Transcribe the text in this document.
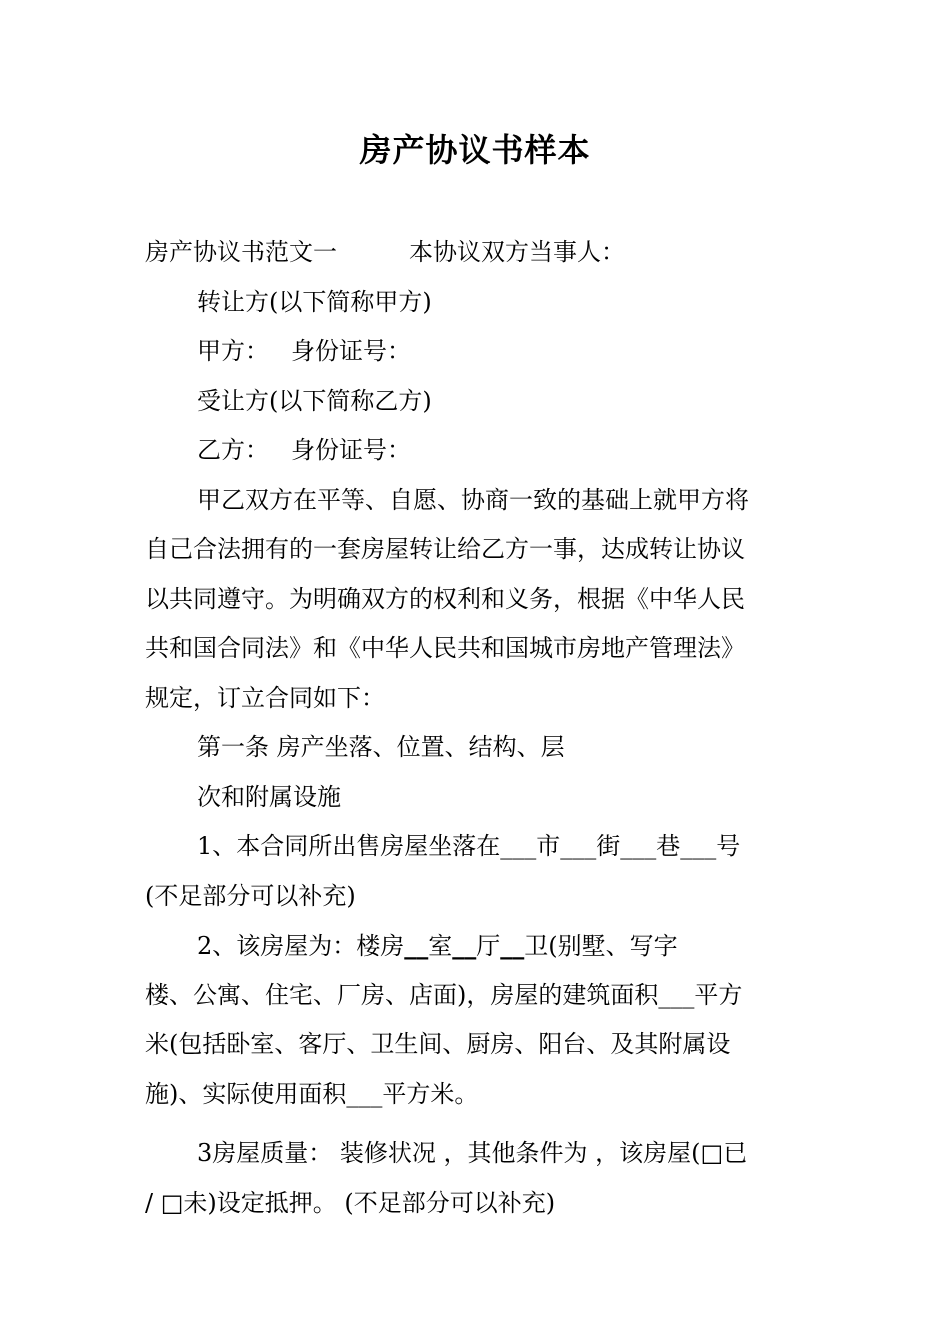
房产协议书样本
房产协议书范文一	本协议双方当事人：
转让方(以下简称甲方)
甲方： 身份证号：
受让方(以下简称乙方)
乙方： 身份证号：
甲乙双方在平等、自愿、协商一致的基础上就甲方将
自己合法拥有的一套房屋转让给乙方一事，达成转让协议
以共同遵守。为明确双方的权利和义务，根据《中华人民
共和国合同法》和《中华人民共和国城市房地产管理法》
规定，订立合同如下：
第一条 房产坐落、位置、结构、层
次和附属设施
1、本合同所出售房屋坐落在___市___街___巷___号
(不足部分可以补充)
2、该房屋为：楼房__室__厅__卫(别墅、写字
楼、公寓、住宅、厂房、店面)，房屋的建筑面积___平方
米(包括卧室、客厅、卫生间、厨房、阳台、及其附属设
施)、实际使用面积___平方米。
3房屋质量： 装修状况 ，其他条件为 ，该房屋(□已
/ □未)设定抵押。 (不足部分可以补充)
